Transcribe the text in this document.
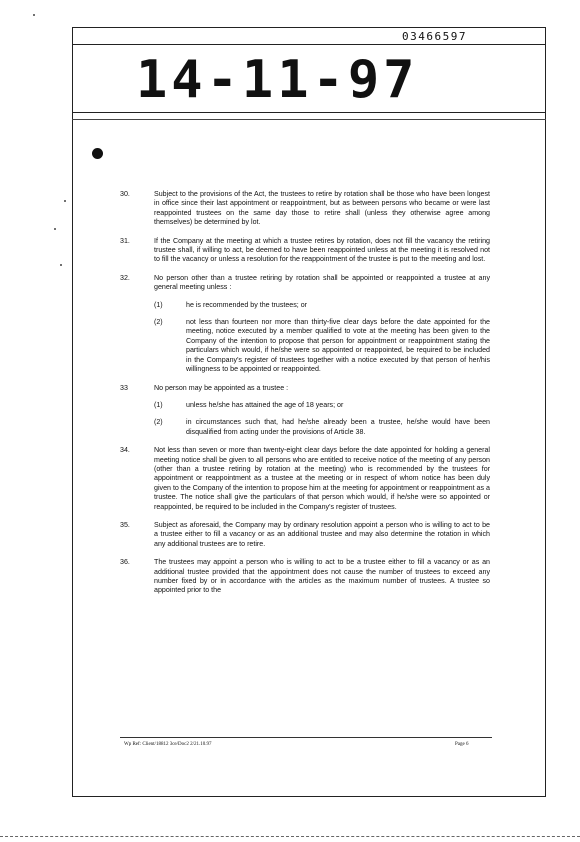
03466597
14-11-97
30.	Subject to the provisions of the Act, the trustees to retire by rotation shall be those who have been longest in office since their last appointment or reappointment, but as between persons who became or were last reappointed trustees on the same day those to retire shall (unless they otherwise agree among themselves) be determined by lot.
31.	If the Company at the meeting at which a trustee retires by rotation, does not fill the vacancy the retiring trustee shall, if willing to act, be deemed to have been reappointed unless at the meeting it is resolved not to fill the vacancy or unless a resolution for the reappointment of the trustee is put to the meeting and lost.
32.	No person other than a trustee retiring by rotation shall be appointed or reappointed a trustee at any general meeting unless :
(1)	he is recommended by the trustees; or
(2)	not less than fourteen nor more than thirty-five clear days before the date appointed for the meeting, notice executed by a member qualified to vote at the meeting has been given to the Company of the intention to propose that person for appointment or reappointment stating the particulars which would, if he/she were so appointed or reappointed, be required to be included in the Company's register of trustees together with a notice executed by that person of her/his willingness to be appointed or reappointed.
33	No person may be appointed as a trustee :
(1)	unless he/she has attained the age of 18 years; or
(2)	in circumstances such that, had he/she already been a trustee, he/she would have been disqualified from acting under the provisions of Article 38.
34.	Not less than seven or more than twenty-eight clear days before the date appointed for holding a general meeting notice shall be given to all persons who are entitled to receive notice of the meeting of any person (other than a trustee retiring by rotation at the meeting) who is recommended by the trustees for appointment or reappointment as a trustee at the meeting or in respect of whom notice has been duly given to the Company of the intention to propose him at the meeting for appointment or reappointment as a trustee. The notice shall give the particulars of that person which would, if he/she were so appointed or reappointed, be required to be included in the Company's register of trustees.
35.	Subject as aforesaid, the Company may by ordinary resolution appoint a person who is willing to act to be a trustee either to fill a vacancy or as an additional trustee and may also determine the rotation in which any additional trustees are to retire.
36.	The trustees may appoint a person who is willing to act to be a trustee either to fill a vacancy or as an additional trustee provided that the appointment does not cause the number of trustees to exceed any number fixed by or in accordance with the articles as the maximum number of trustees. A trustee so appointed prior to the
Wp Ref: Client/18812 3ce/Doc2 2/21.10.97	Page 6
